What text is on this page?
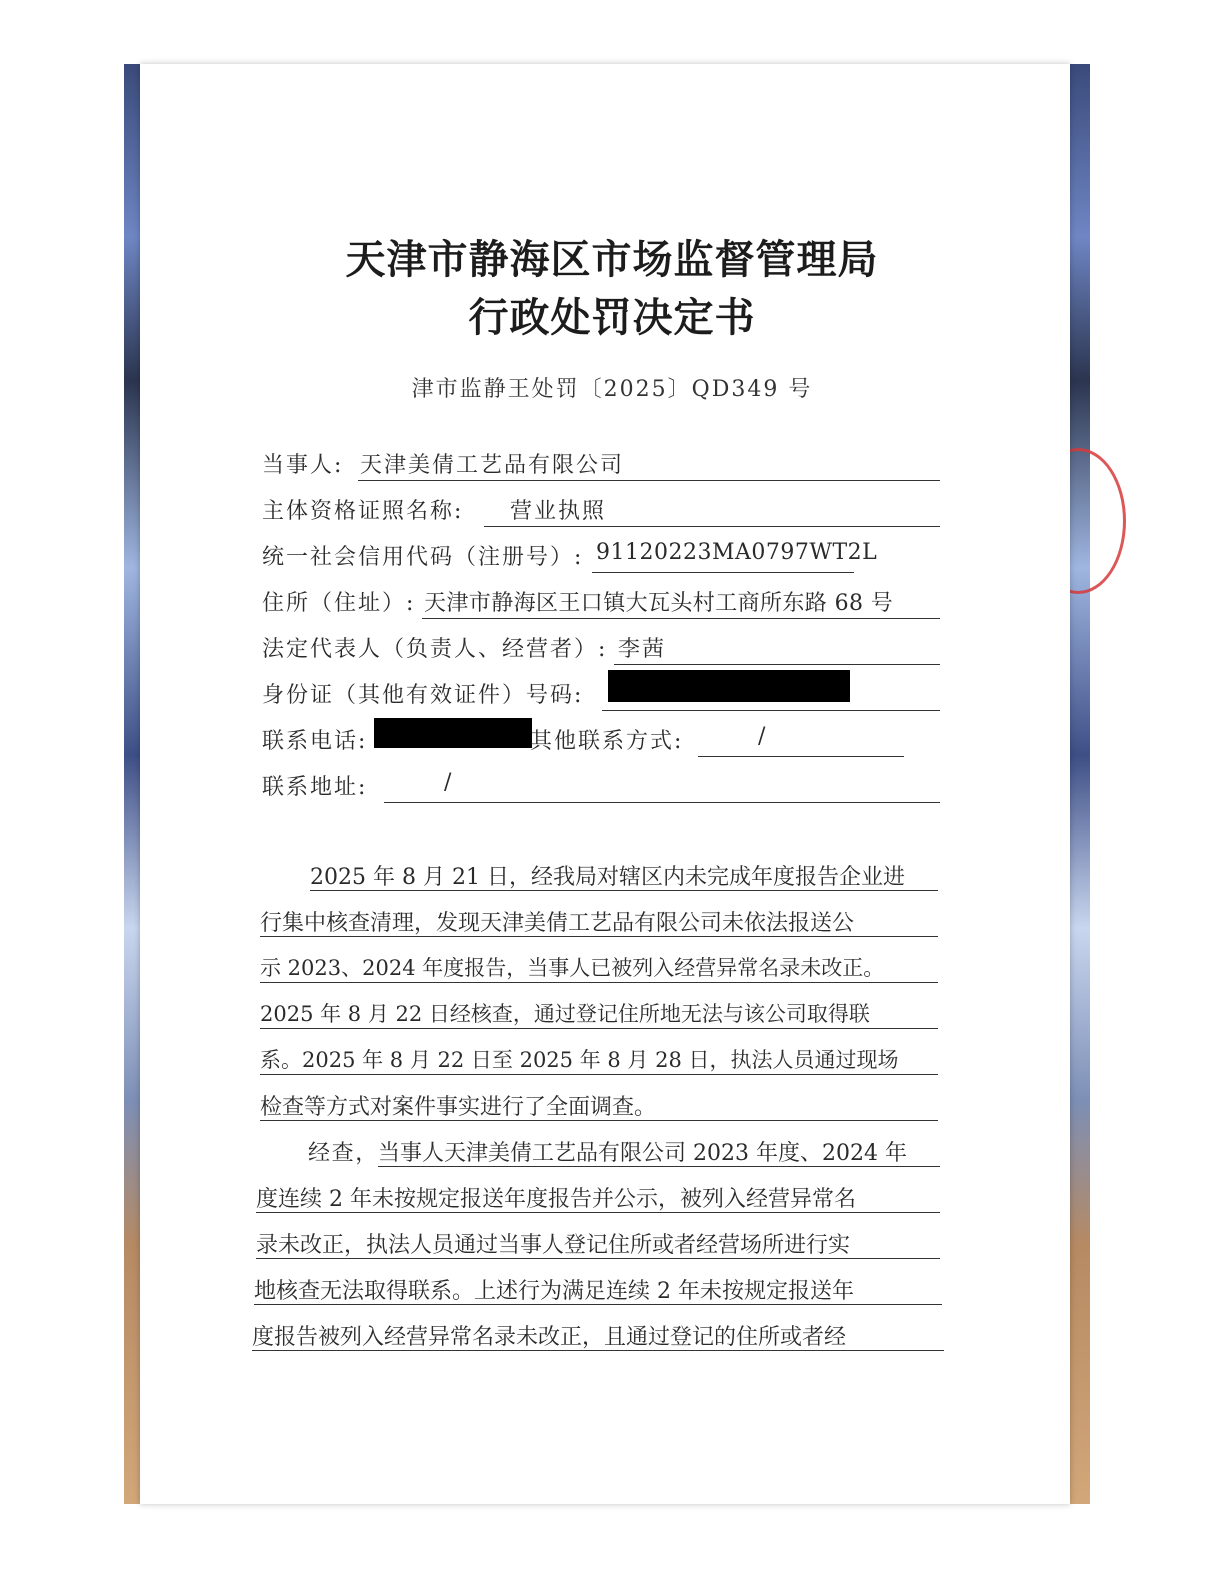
天津市静海区市场监督管理局
行政处罚决定书
津市监静王处罚〔2025〕QD349 号
当事人: 天津美倩工艺品有限公司
主体资格证照名称: 营业执照
统一社会信用代码（注册号）: 91120223MA0797WT2L
住所（住址）: 天津市静海区王口镇大瓦头村工商所东路 68 号
法定代表人（负责人、经营者）: 李茜
身份证（其他有效证件）号码:
联系电话:	其他联系方式:	/
联系地址:	/
2025 年 8 月 21 日，经我局对辖区内未完成年度报告企业进
行集中核查清理，发现天津美倩工艺品有限公司未依法报送公
示 2023、2024 年度报告，当事人已被列入经营异常名录未改正。
2025 年 8 月 22 日经核查，通过登记住所地无法与该公司取得联
系。2025 年 8 月 22 日至 2025 年 8 月 28 日，执法人员通过现场
检查等方式对案件事实进行了全面调查。
经查， 当事人天津美倩工艺品有限公司 2023 年度、2024 年
度连续 2 年未按规定报送年度报告并公示，被列入经营异常名
录未改正，执法人员通过当事人登记住所或者经营场所进行实
地核查无法取得联系。上述行为满足连续 2 年未按规定报送年
度报告被列入经营异常名录未改正，且通过登记的住所或者经
